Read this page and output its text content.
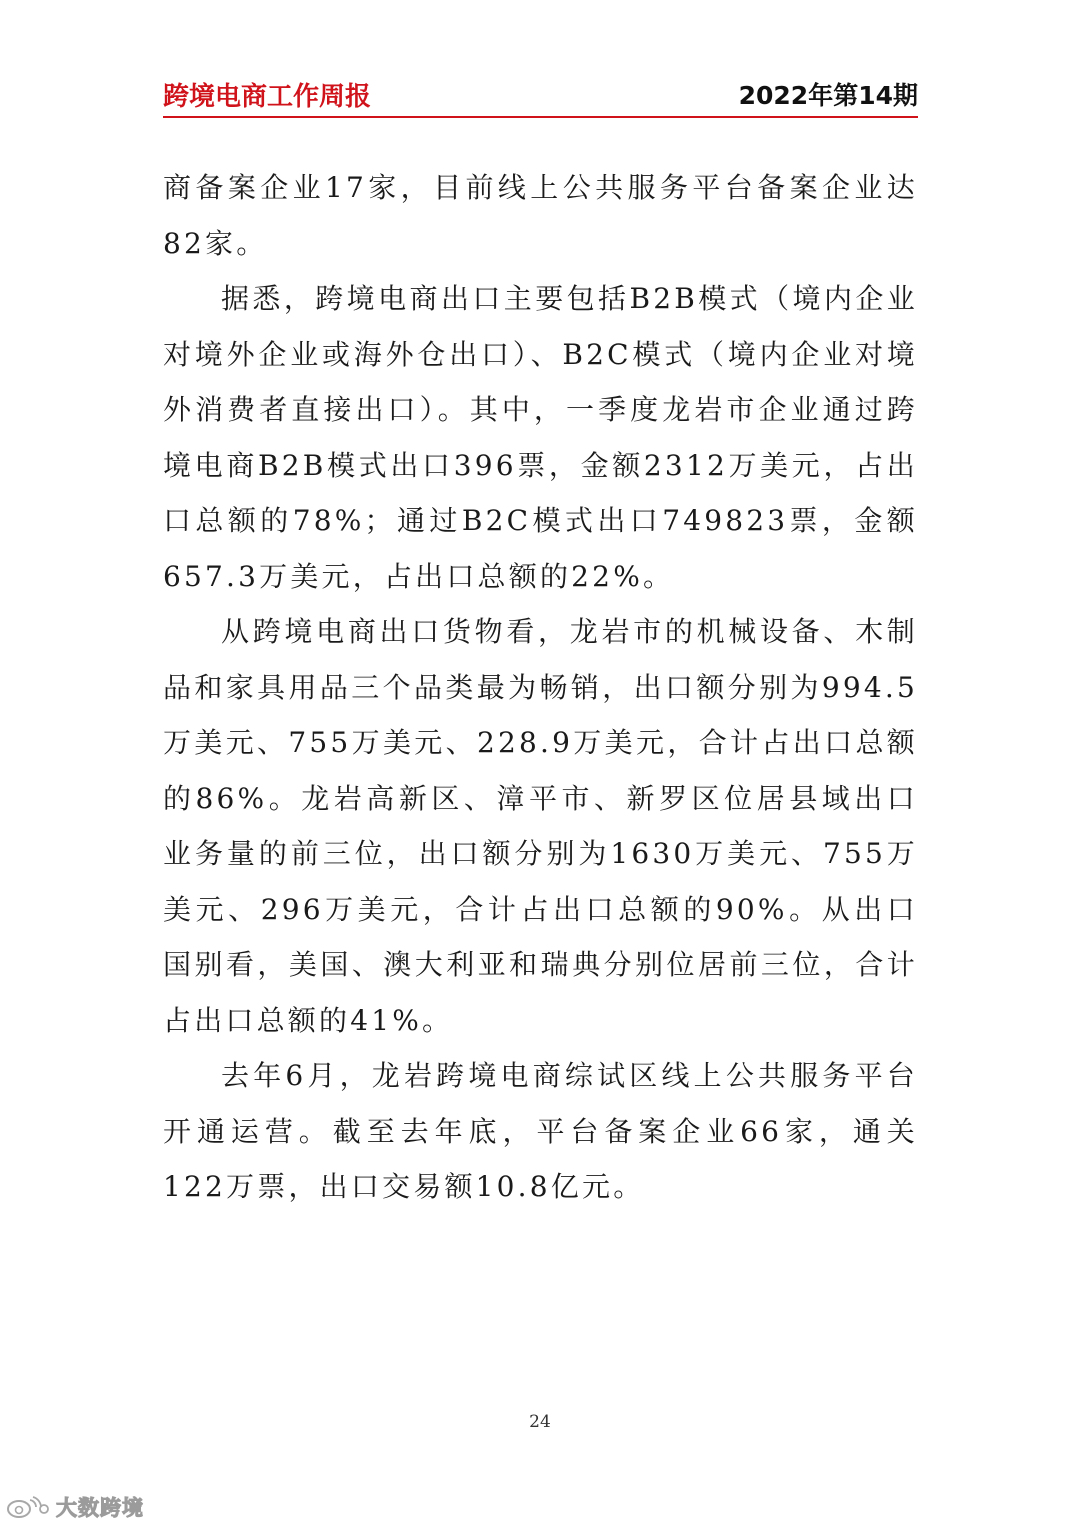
跨境电商工作周报	2022年第14期

商备案企业17家，目前线上公共服务平台备案企业达82家。

据悉，跨境电商出口主要包括B2B模式（境内企业对境外企业或海外仓出口）、B2C模式（境内企业对境外消费者直接出口）。其中，一季度龙岩市企业通过跨境电商B2B模式出口396票，金额2312万美元，占出口总额的78%；通过B2C模式出口749823票，金额657.3万美元，占出口总额的22%。

从跨境电商出口货物看，龙岩市的机械设备、木制品和家具用品三个品类最为畅销，出口额分别为994.5万美元、755万美元、228.9万美元，合计占出口总额的86%。龙岩高新区、漳平市、新罗区位居县域出口业务量的前三位，出口额分别为1630万美元、755万美元、296万美元，合计占出口总额的90%。从出口国别看，美国、澳大利亚和瑞典分别位居前三位，合计占出口总额的41%。

去年6月，龙岩跨境电商综试区线上公共服务平台开通运营。截至去年底，平台备案企业66家，通关122万票，出口交易额10.8亿元。

24
大数跨境
